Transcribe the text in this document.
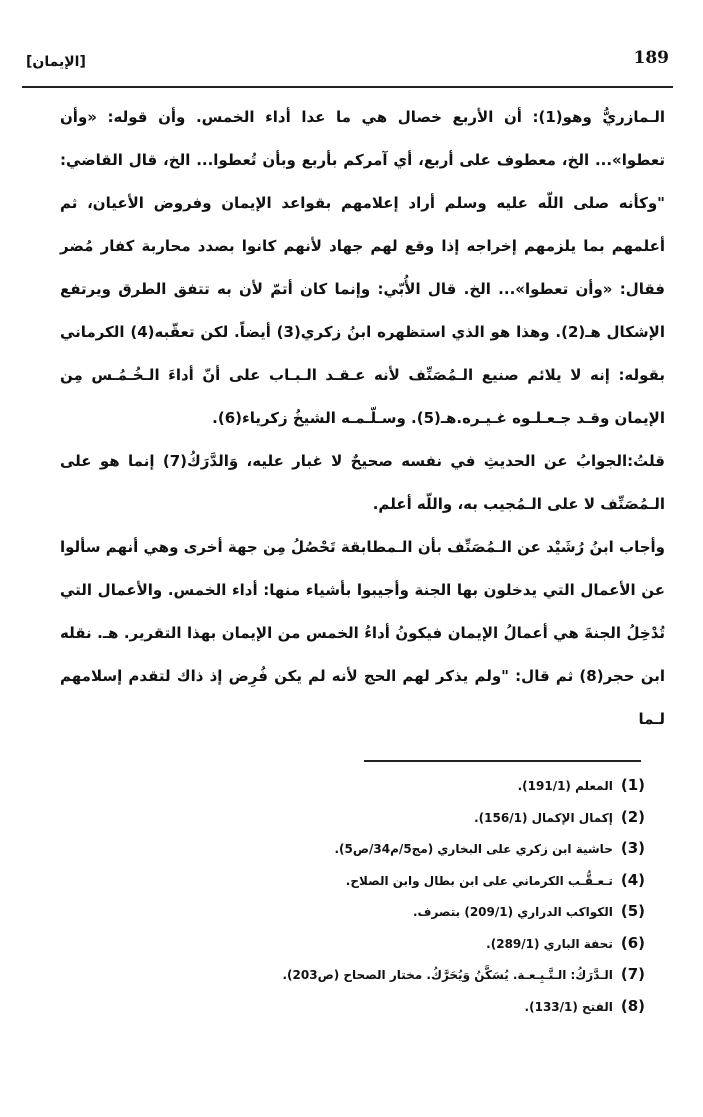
189
[الإيمان]

الـمازريُّ وهو(1): أن الأربع خصال هي ما عدا أداء الخمس. وأن قوله: «وأن تعطوا»... الخ، معطوف على أربع، أي آمركم بأربع وبأن تُعطوا... الخ، قال القاضي: "وكأنه صلى اللّه عليه وسلم أراد إعلامهم بقواعد الإيمان وفروض الأعيان، ثم أعلمهم بما يلزمهم إخراجه إذا وقع لهم جهاد لأنهم كانوا بصدد محاربة كفار مُضر فقال: «وأن تعطوا»... الخ. قال الأُبّي: وإنما كان أتمّ لأن به تتفق الطرق ويرتفع الإشكال هـ(2). وهذا هو الذي استظهره ابنُ زكري(3) أيضاً. لكن تعقّبه(4) الكرماني بقوله: إنه لا يلائم صنيع الـمُصَنِّف لأنه عـقـد الـبـاب على أنّ أداءَ الـخُـمُـس مِن الإيمان وقـد جـعـلـوه غـيـره.هـ(5). وسـلّـمـه الشيخُ زكرياء(6).

قلتُ:الجوابُ عن الحديثِ في نفسه صحيحٌ لا غبار عليه، وَالدَّرَكُ(7) إنما هو على الـمُصَنِّف لا على الـمُجيب به، واللّه أعلم.

وأجاب ابنُ رُشَيْد عن الـمُصَنِّف بأن الـمطابقة تَحْصُلُ مِن جهة أخرى وهي أنهم سألوا عن الأعمال التي يدخلون بها الجنة وأجيبوا بأشياء منها: أداء الخمس. والأعمال التي تُدْخِلُ الجنةَ هي أعمالُ الإيمان فيكونُ أداءُ الخمس من الإيمان بهذا التقرير. هـ. نقله ابن حجر(8) ثم قال: "ولم يذكر لهم الحج لأنه لم يكن فُرِض إذ ذاك لتقدم إسلامهم لـما

(1)المعلم (191/1).
(2)إكمال الإكمال (156/1).
(3)حاشية ابن زكري على البخاري (مج5/م34/ص5).
(4)تـعـقُّـب الكرماني على ابن بطال وابن الصلاح.
(5)الكواكب الدراري (209/1) بتصرف.
(6)تحفة الباري (289/1).
(7)الـدَّرَكُ: الـتَّـبِـعـة. يُسَكَّنُ وَيُحَرَّكُ. مختار الصحاح (ص203).
(8)الفتح (133/1).
